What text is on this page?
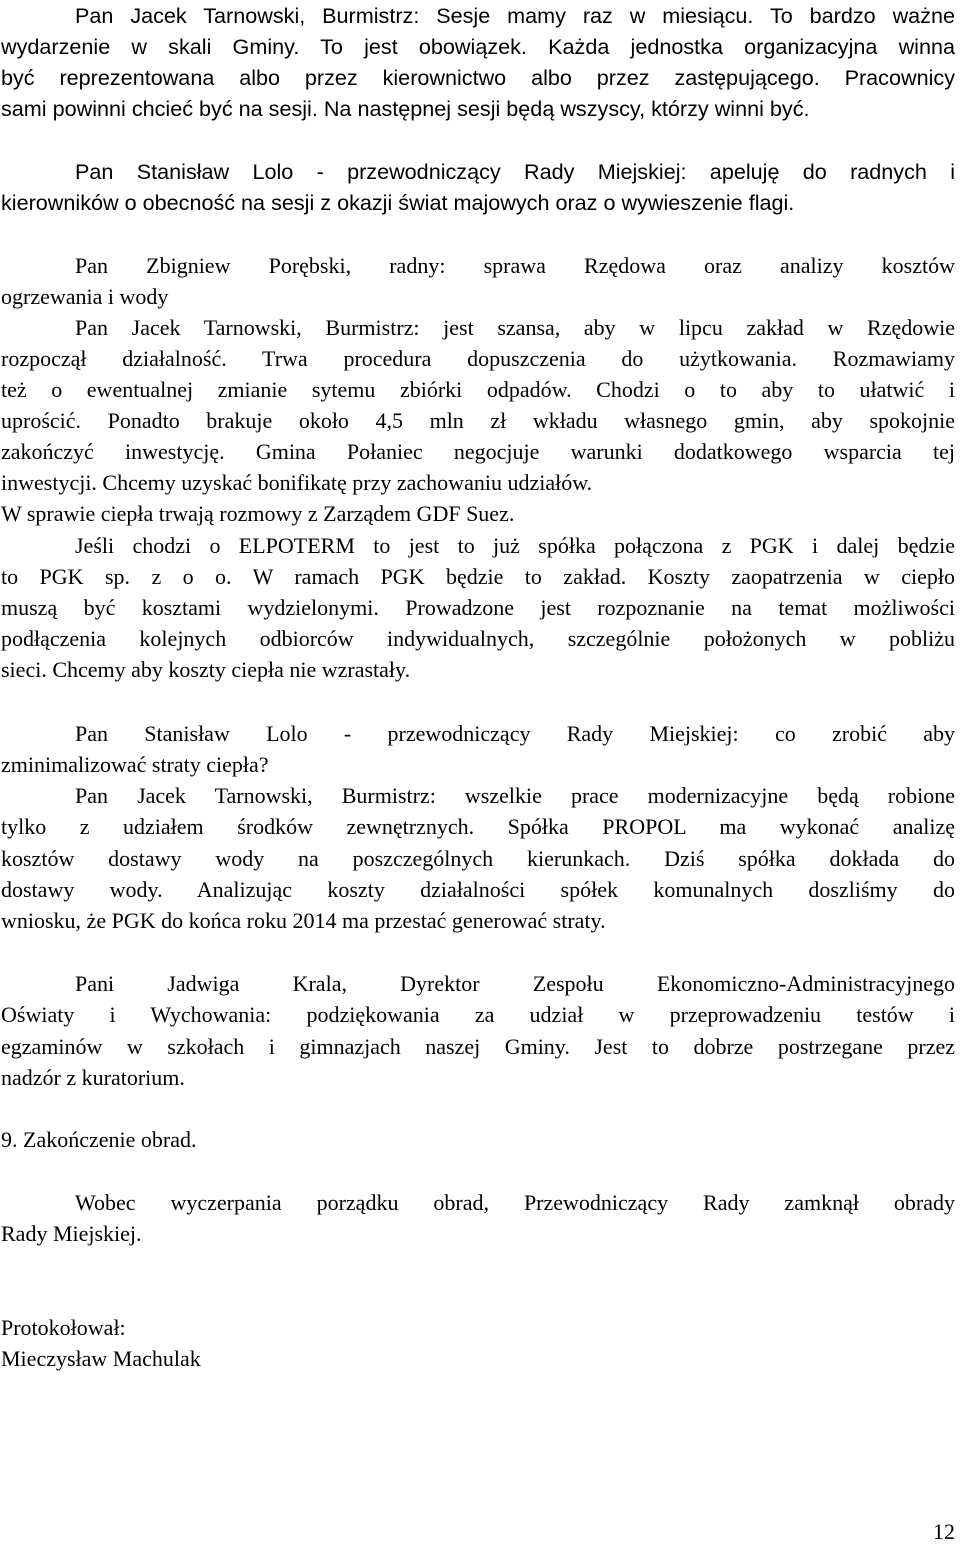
Pan Jacek Tarnowski, Burmistrz: Sesje mamy raz w miesiącu. To bardzo ważne
wydarzenie w skali Gminy. To jest obowiązek. Każda jednostka organizacyjna winna
być reprezentowana albo przez kierownictwo albo przez zastępującego. Pracownicy
sami powinni chcieć być na sesji. Na następnej sesji będą wszyscy, którzy winni być.
Pan Stanisław Lolo - przewodniczący Rady Miejskiej: apeluję do radnych i
kierowników o obecność na sesji z okazji świat majowych oraz o wywieszenie flagi.
Pan Zbigniew Porębski, radny: sprawa Rzędowa oraz analizy kosztów
ogrzewania i wody
Pan Jacek Tarnowski, Burmistrz: jest szansa, aby w lipcu zakład w Rzędowie
rozpoczął działalność. Trwa procedura dopuszczenia do użytkowania. Rozmawiamy
też o ewentualnej zmianie sytemu zbiórki odpadów. Chodzi o to aby to ułatwić i
uprościć. Ponadto brakuje około 4,5 mln zł wkładu własnego gmin, aby spokojnie
zakończyć inwestycję. Gmina Połaniec negocjuje warunki dodatkowego wsparcia tej
inwestycji. Chcemy uzyskać bonifikatę przy zachowaniu udziałów.
W sprawie ciepła trwają rozmowy z Zarządem GDF Suez.
Jeśli chodzi o ELPOTERM to jest to już spółka połączona z PGK i dalej będzie
to PGK sp. z o o. W ramach PGK będzie to zakład. Koszty zaopatrzenia w ciepło
muszą być kosztami wydzielonymi. Prowadzone jest rozpoznanie na temat możliwości
podłączenia kolejnych odbiorców indywidualnych, szczególnie położonych w pobliżu
sieci. Chcemy aby koszty ciepła nie wzrastały.
Pan Stanisław Lolo - przewodniczący Rady Miejskiej: co zrobić aby
zminimalizować straty ciepła?
Pan Jacek Tarnowski, Burmistrz: wszelkie prace modernizacyjne będą robione
tylko z udziałem środków zewnętrznych. Spółka PROPOL ma wykonać analizę
kosztów dostawy wody na poszczególnych kierunkach. Dziś spółka dokłada do
dostawy wody. Analizując koszty działalności spółek komunalnych doszliśmy do
wniosku, że PGK do końca roku 2014 ma przestać generować straty.
Pani Jadwiga Krala, Dyrektor Zespołu Ekonomiczno-Administracyjnego
Oświaty i Wychowania: podziękowania za udział w przeprowadzeniu testów i
egzaminów w szkołach i gimnazjach naszej Gminy. Jest to dobrze postrzegane przez
nadzór z kuratorium.
9. Zakończenie obrad.
Wobec wyczerpania porządku obrad, Przewodniczący Rady zamknął obrady
Rady Miejskiej.
Protokołował:
Mieczysław Machulak
12
